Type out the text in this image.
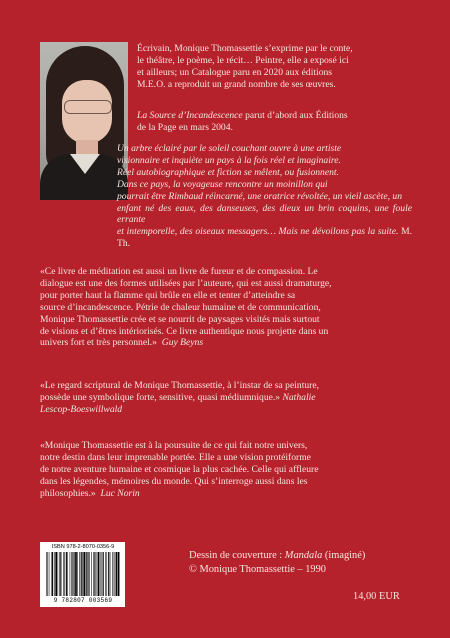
Écrivain, Monique Thomassettie s’exprime par le conte,
le théâtre, le poème, le récit… Peintre, elle a exposé ici
et ailleurs; un Catalogue paru en 2020 aux éditions
M.E.O. a reproduit un grand nombre de ses œuvres.
La Source d’Incandescence parut d’abord aux Éditions
de la Page en mars 2004.
Un arbre éclairé par le soleil couchant ouvre à une artiste
visionnaire et inquiète un pays à la fois réel et imaginaire.
Réel autobiographique et fiction se mêlent, ou fusionnent.
Dans ce pays, la voyageuse rencontre un moinillon qui
pourrait être Rimbaud réincarné, une oratrice révoltée, un vieil ascète, un
enfant né des eaux, des danseuses, des dieux un brin coquins, une foule errante
et intemporelle, des oiseaux messagers… Mais ne dévoilons pas la suite. M. Th.
«Ce livre de méditation est aussi un livre de fureur et de compassion. Le
dialogue est une des formes utilisées par l’auteure, qui est aussi dramaturge,
pour porter haut la flamme qui brûle en elle et tenter d’atteindre sa
source d’incandescence. Pétrie de chaleur humaine et de communication,
Monique Thomassettie crée et se nourrit de paysages visités mais surtout
de visions et d’êtres intériorisés. Ce livre authentique nous projette dans un
univers fort et très personnel.» Guy Beyns
«Le regard scriptural de Monique Thomassettie, à l’instar de sa peinture,
possède une symbolique forte, sensitive, quasi médiumnique.» Nathalie
Lescop-Boeswillwald
«Monique Thomassettie est à la poursuite de ce qui fait notre univers,
notre destin dans leur imprenable portée. Elle a une vision protéiforme
de notre aventure humaine et cosmique la plus cachée. Celle qui affleure
dans les légendes, mémoires du monde. Qui s’interroge aussi dans les
philosophies.» Luc Norin
ISBN 978-2-8070-0356-9
9 782807 003569
Dessin de couverture : Mandala (imaginé)
© Monique Thomassettie – 1990
14,00 EUR
